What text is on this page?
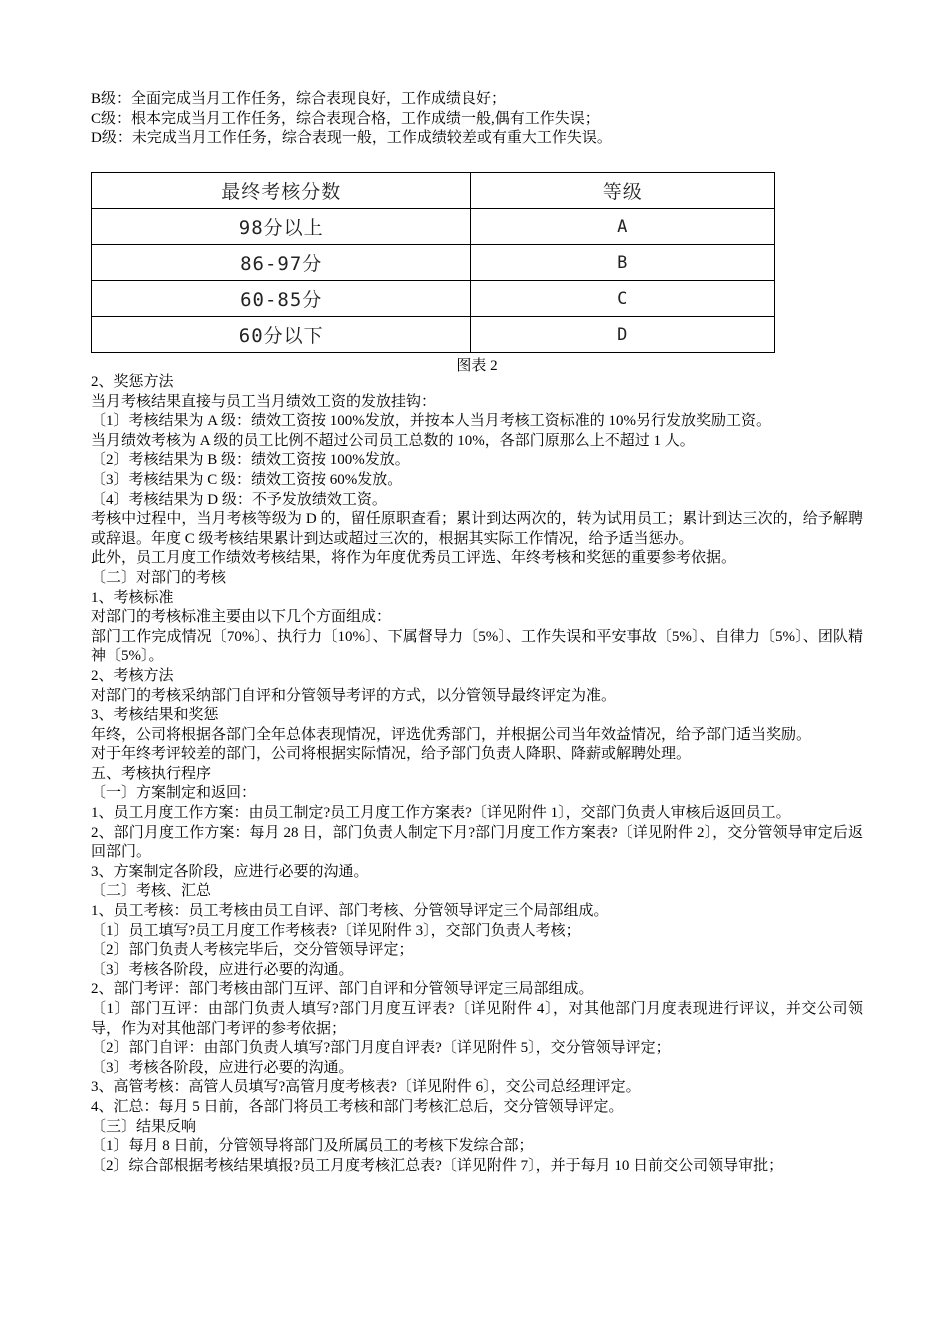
B级：全面完成当月工作任务，综合表现良好，工作成绩良好；

C级：根本完成当月工作任务，综合表现合格，工作成绩一般,偶有工作失误；

D级：未完成当月工作任务，综合表现一般，工作成绩较差或有重大工作失误。

最终考核分数	等级
98分以上	A
86-97分	B
60-85分	C
60分以下	D
图表 2

2、奖惩方法

当月考核结果直接与员工当月绩效工资的发放挂钩：

〔1〕考核结果为 A 级：绩效工资按 100%发放，并按本人当月考核工资标准的 10%另行发放奖励工资。

当月绩效考核为 A 级的员工比例不超过公司员工总数的 10%，各部门原那么上不超过 1 人。

〔2〕考核结果为 B 级：绩效工资按 100%发放。

〔3〕考核结果为 C 级：绩效工资按 60%发放。

〔4〕考核结果为 D 级：不予发放绩效工资。

考核中过程中，当月考核等级为 D 的，留任原职查看；累计到达两次的，转为试用员工；累计到达三次的，给予解聘或辞退。年度 C 级考核结果累计到达或超过三次的，根据其实际工作情况，给予适当惩办。

此外，员工月度工作绩效考核结果，将作为年度优秀员工评选、年终考核和奖惩的重要参考依据。

〔二〕对部门的考核

1、考核标准

对部门的考核标准主要由以下几个方面组成：

部门工作完成情况〔70%〕、执行力〔10%〕、下属督导力〔5%〕、工作失误和平安事故〔5%〕、自律力〔5%〕、团队精神〔5%〕。

2、考核方法

对部门的考核采纳部门自评和分管领导考评的方式，以分管领导最终评定为准。

3、考核结果和奖惩

年终，公司将根据各部门全年总体表现情况，评选优秀部门，并根据公司当年效益情况，给予部门适当奖励。

对于年终考评较差的部门，公司将根据实际情况，给予部门负责人降职、降薪或解聘处理。

五、考核执行程序

〔一〕方案制定和返回：

1、员工月度工作方案：由员工制定?员工月度工作方案表?〔详见附件 1〕，交部门负责人审核后返回员工。

2、部门月度工作方案：每月 28 日，部门负责人制定下月?部门月度工作方案表?〔详见附件 2〕，交分管领导审定后返回部门。

3、方案制定各阶段，应进行必要的沟通。

〔二〕考核、汇总

1、员工考核：员工考核由员工自评、部门考核、分管领导评定三个局部组成。

〔1〕员工填写?员工月度工作考核表?〔详见附件 3〕，交部门负责人考核；

〔2〕部门负责人考核完毕后，交分管领导评定；

〔3〕考核各阶段，应进行必要的沟通。

2、部门考评：部门考核由部门互评、部门自评和分管领导评定三局部组成。

〔1〕部门互评：由部门负责人填写?部门月度互评表?〔详见附件 4〕，对其他部门月度表现进行评议，并交公司领导，作为对其他部门考评的参考依据；

〔2〕部门自评：由部门负责人填写?部门月度自评表?〔详见附件 5〕，交分管领导评定；

〔3〕考核各阶段，应进行必要的沟通。

3、高管考核：高管人员填写?高管月度考核表?〔详见附件 6〕，交公司总经理评定。

4、汇总：每月 5 日前，各部门将员工考核和部门考核汇总后，交分管领导评定。

〔三〕结果反响

〔1〕每月 8 日前，分管领导将部门及所属员工的考核下发综合部；

〔2〕综合部根据考核结果填报?员工月度考核汇总表?〔详见附件 7〕，并于每月 10 日前交公司领导审批；
